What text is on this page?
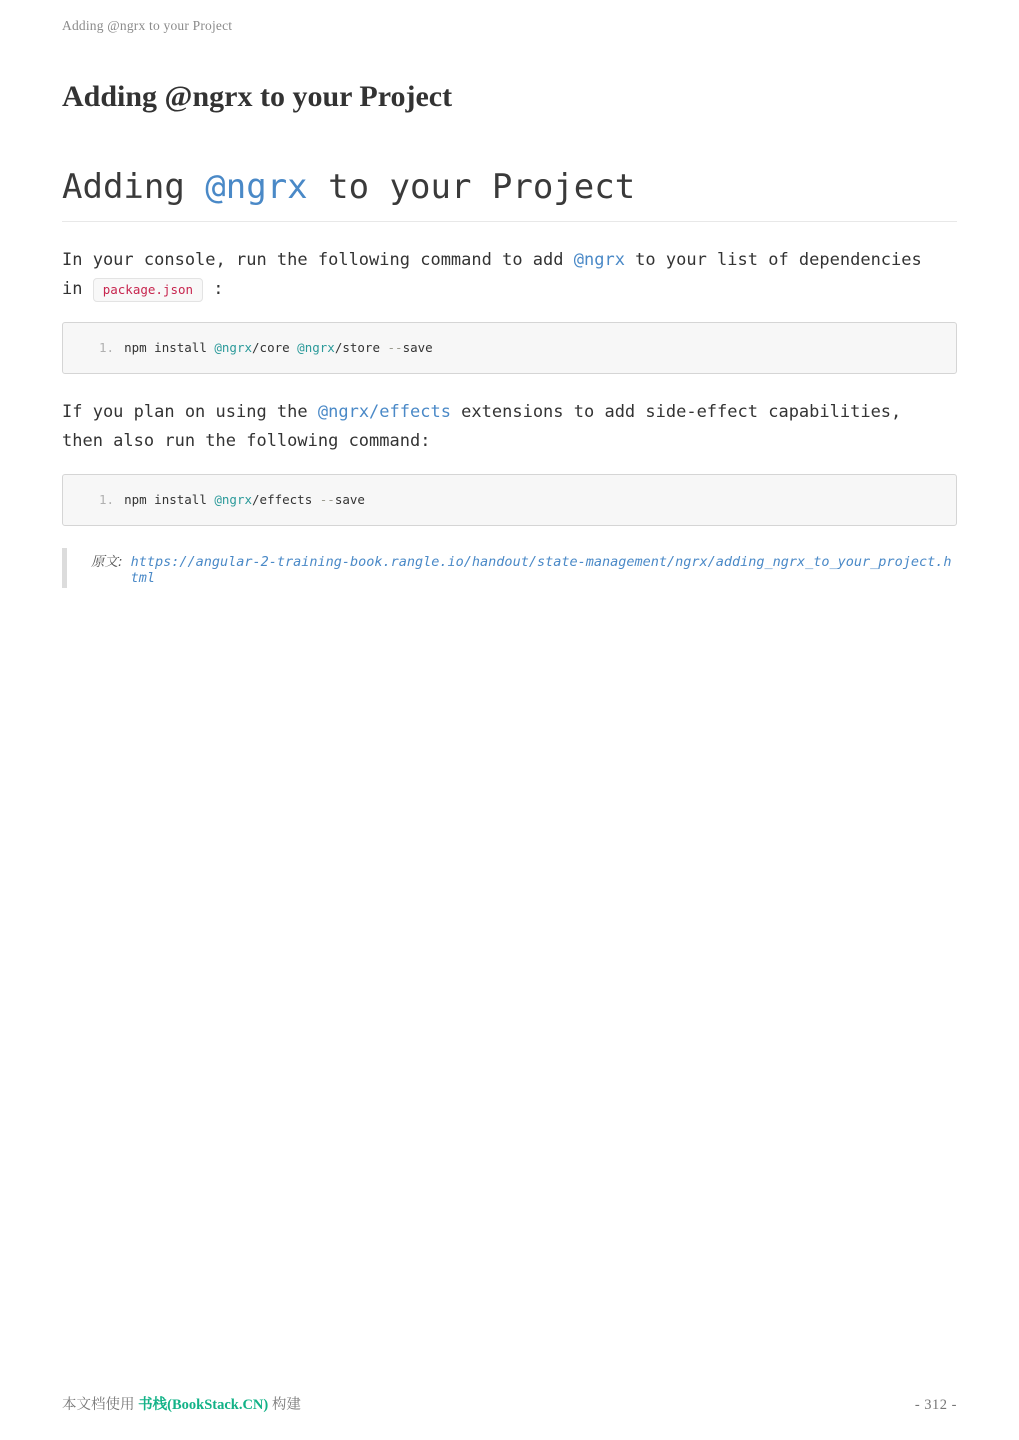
Adding @ngrx to your Project
Adding @ngrx to your Project
Adding @ngrx to your Project

In your console, run the following command to add @ngrx to your list of dependencies in package.json :

1. npm install @ngrx/core @ngrx/store --save

If you plan on using the @ngrx/effects extensions to add side-effect capabilities, then also run the following command:

1. npm install @ngrx/effects --save
原文: https://angular-2-training-book.rangle.io/handout/state-management/ngrx/adding_ngrx_to_your_project.html
本文档使用 书栈(BookStack.CN) 构建	- 312 -
